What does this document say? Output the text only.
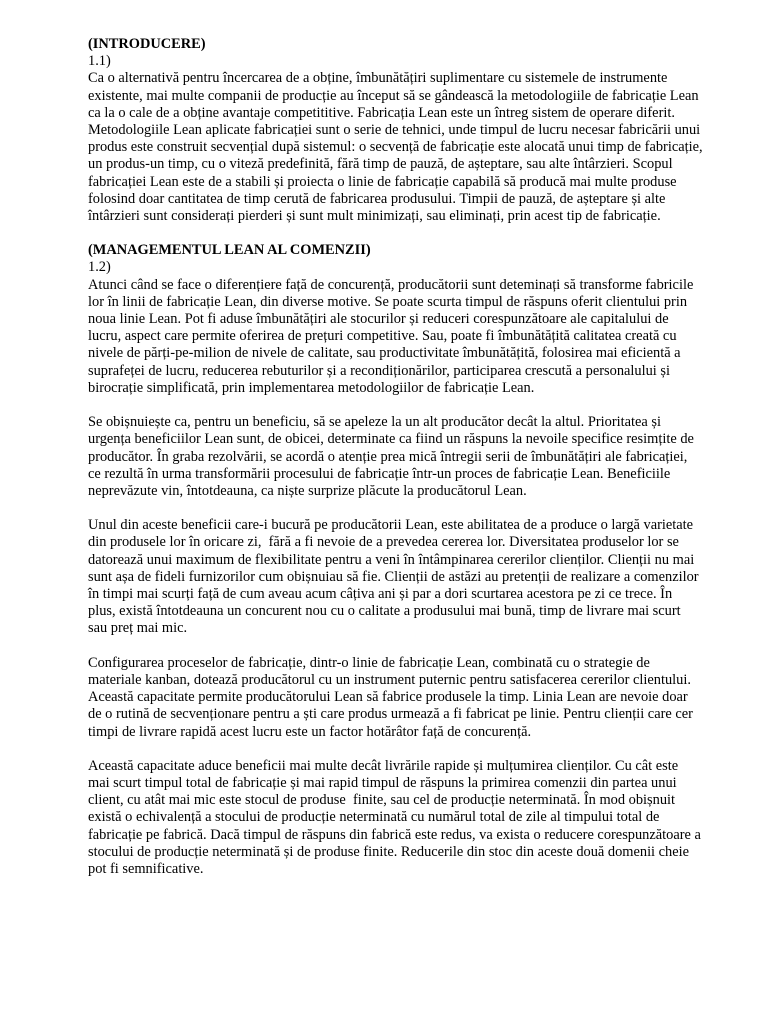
(INTRODUCERE)
1.1)
Ca o alternativă pentru încercarea de a obține, îmbunătățiri suplimentare cu sistemele de instrumente
existente, mai multe companii de producție au început să se gândească la metodologiile de fabricație Lean
ca la o cale de a obține avantaje competititive. Fabricația Lean este un întreg sistem de operare diferit.
Metodologiile Lean aplicate fabricației sunt o serie de tehnici, unde timpul de lucru necesar fabricării unui
produs este construit secvențial după sistemul: o secvență de fabricație este alocată unui timp de fabricație,
un produs-un timp, cu o viteză predefinită, fără timp de pauză, de așteptare, sau alte întârzieri. Scopul
fabricației Lean este de a stabili și proiecta o linie de fabricație capabilă să producă mai multe produse
folosind doar cantitatea de timp cerută de fabricarea produsului. Timpii de pauză, de așteptare și alte
întârzieri sunt considerați pierderi și sunt mult minimizați, sau eliminați, prin acest tip de fabricație.
(MANAGEMENTUL LEAN AL COMENZII)
1.2)
Atunci când se face o diferențiere față de concurență, producătorii sunt deteminați să transforme fabricile
lor în linii de fabricație Lean, din diverse motive. Se poate scurta timpul de răspuns oferit clientului prin
noua linie Lean. Pot fi aduse îmbunătățiri ale stocurilor și reduceri corespunzătoare ale capitalului de
lucru, aspect care permite oferirea de prețuri competitive. Sau, poate fi îmbunătățită calitatea creată cu
nivele de părți-pe-milion de nivele de calitate, sau productivitate îmbunătățită, folosirea mai eficientă a
suprafeței de lucru, reducerea rebuturilor și a recondiționărilor, participarea crescută a personalului și
birocrație simplificată, prin implementarea metodologiilor de fabricație Lean.
Se obișnuiește ca, pentru un beneficiu, să se apeleze la un alt producător decât la altul. Prioritatea și
urgența beneficiilor Lean sunt, de obicei, determinate ca fiind un răspuns la nevoile specifice resimțite de
producător. În graba rezolvării, se acordă o atenție prea mică întregii serii de îmbunătățiri ale fabricației,
ce rezultă în urma transformării procesului de fabricație într-un proces de fabricație Lean. Beneficiile
neprevăzute vin, întotdeauna, ca niște surprize plăcute la producătorul Lean.
Unul din aceste beneficii care-i bucură pe producătorii Lean, este abilitatea de a produce o largă varietate
din produsele lor în oricare zi,  fără a fi nevoie de a prevedea cererea lor. Diversitatea produselor lor se
datorează unui maximum de flexibilitate pentru a veni în întâmpinarea cererilor clienților. Clienții nu mai
sunt așa de fideli furnizorilor cum obișnuiau să fie. Clienții de astăzi au pretenții de realizare a comenzilor
în timpi mai scurți față de cum aveau acum câțiva ani și par a dori scurtarea acestora pe zi ce trece. În
plus, există întotdeauna un concurent nou cu o calitate a produsului mai bună, timp de livrare mai scurt
sau preț mai mic.
Configurarea proceselor de fabricație, dintr-o linie de fabricație Lean, combinată cu o strategie de
materiale kanban, dotează producătorul cu un instrument puternic pentru satisfacerea cererilor clientului.
Această capacitate permite producătorului Lean să fabrice produsele la timp. Linia Lean are nevoie doar
de o rutină de secvenționare pentru a ști care produs urmează a fi fabricat pe linie. Pentru clienții care cer
timpi de livrare rapidă acest lucru este un factor hotărâtor față de concurență.
Această capacitate aduce beneficii mai multe decât livrările rapide și mulțumirea clienților. Cu cât este
mai scurt timpul total de fabricație și mai rapid timpul de răspuns la primirea comenzii din partea unui
client, cu atât mai mic este stocul de produse  finite, sau cel de producție neterminată. În mod obișnuit
există o echivalență a stocului de producție neterminată cu numărul total de zile al timpului total de
fabricație pe fabrică. Dacă timpul de răspuns din fabrică este redus, va exista o reducere corespunzătoare a
stocului de producție neterminată și de produse finite. Reducerile din stoc din aceste două domenii cheie
pot fi semnificative.
